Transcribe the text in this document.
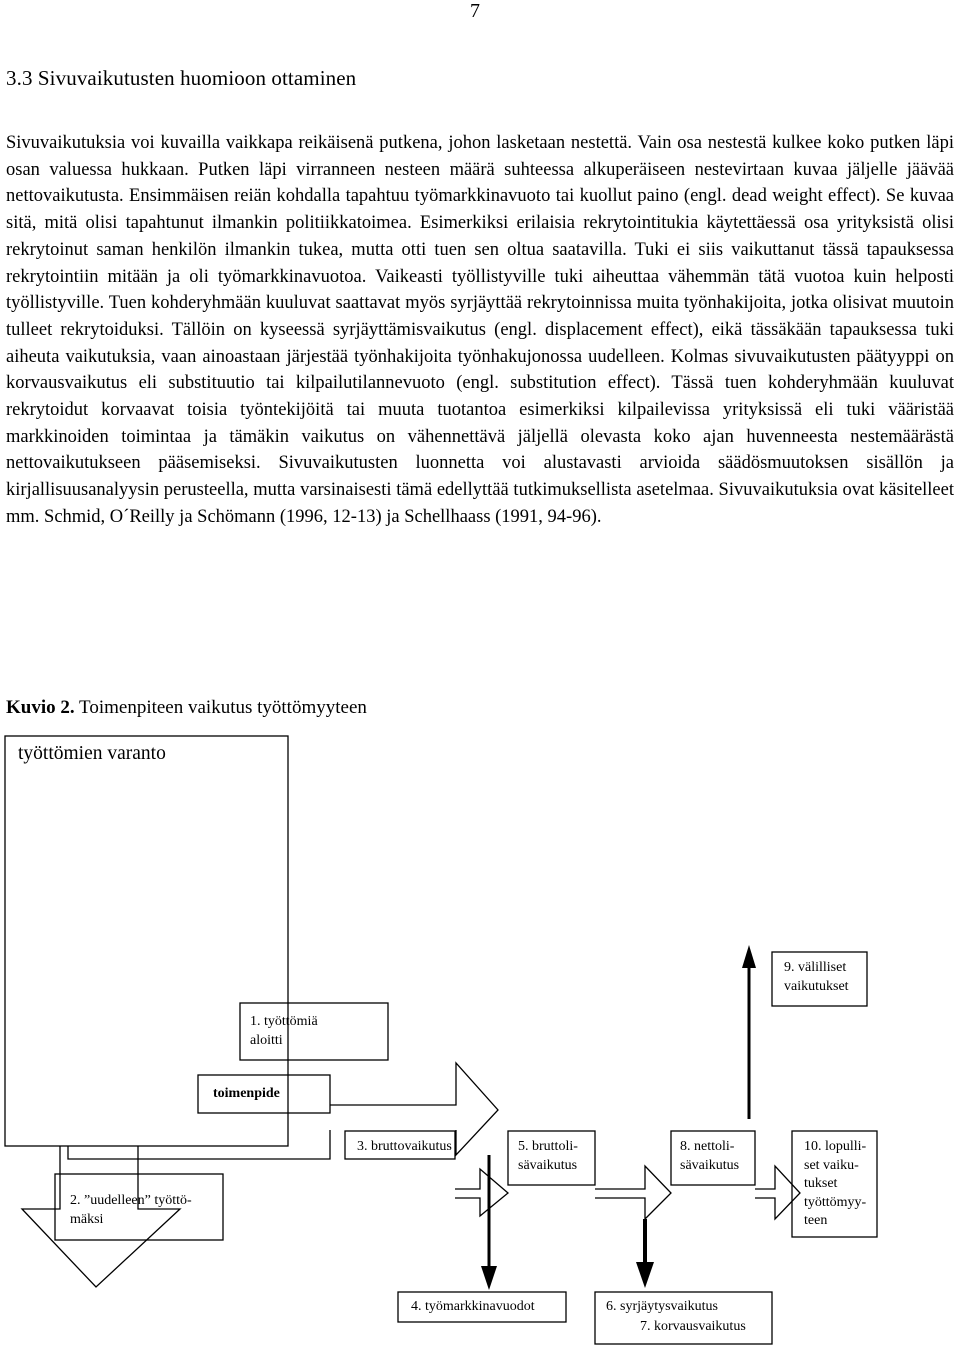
7
3.3 Sivuvaikutusten huomioon ottaminen

Sivuvaikutuksia voi kuvailla vaikkapa reikäisenä putkena, johon lasketaan nestettä. Vain osa nestestä kulkee koko putken läpi osan valuessa hukkaan. Putken läpi virranneen nesteen määrä suhteessa alkuperäiseen nestevirtaan kuvaa jäljelle jäävää nettovaikutusta. Ensimmäisen reiän kohdalla tapahtuu työmarkkinavuoto tai kuollut paino (engl. dead weight effect). Se kuvaa sitä, mitä olisi tapahtunut ilmankin politiikkatoimea. Esimerkiksi erilaisia rekrytointitukia käytettäessä osa yrityksistä olisi rekrytoinut saman henkilön ilmankin tukea, mutta otti tuen sen oltua saatavilla. Tuki ei siis vaikuttanut tässä tapauksessa rekrytointiin mitään ja oli työmarkkinavuotoa. Vaikeasti työllistyville tuki aiheuttaa vähemmän tätä vuotoa kuin helposti työllistyville. Tuen kohderyhmään kuuluvat saattavat myös syrjäyttää rekrytoinnissa muita työnhakijoita, jotka olisivat muutoin tulleet rekrytoiduksi. Tällöin on kyseessä syrjäyttämisvaikutus (engl. displacement effect), eikä tässäkään tapauksessa tuki aiheuta vaikutuksia, vaan ainoastaan järjestää työnhakijoita työnhakujonossa uudelleen. Kolmas sivuvaikutusten päätyyppi on korvausvaikutus eli substituutio tai kilpailutilannevuoto (engl. substitution effect). Tässä tuen kohderyhmään kuuluvat rekrytoidut korvaavat toisia työntekijöitä tai muuta tuotantoa esimerkiksi kilpailevissa yrityksissä eli tuki vääristää markkinoiden toimintaa ja tämäkin vaikutus on vähennettävä jäljellä olevasta koko ajan huvenneesta nestemäärästä nettovaikutukseen pääsemiseksi. Sivuvaikutusten luonnetta voi alustavasti arvioida säädösmuutoksen sisällön ja kirjallisuusanalyysin perusteella, mutta varsinaisesti tämä edellyttää tutkimuksellista asetelmaa. Sivuvaikutuksia ovat käsitelleet mm. Schmid, O´Reilly ja Schömann (1996, 12-13) ja Schellhaass (1991, 94-96).

Kuvio 2. Toimenpiteen vaikutus työttömyyteen
työttömien varanto
1. työttömiä
aloitti
toimenpide
2. ”uudelleen” työttö-
mäksi
3. bruttovaikutus	5. bruttoli-
sävaikutus
8. nettoli-
sävaikutus
9. välilliset
vaikutukset
10. lopulli-
set vaiku-
tukset
työttömyy-
teen
4. työmarkkinavuodot	6. syrjäytysvaikutus
7. korvausvaikutus
